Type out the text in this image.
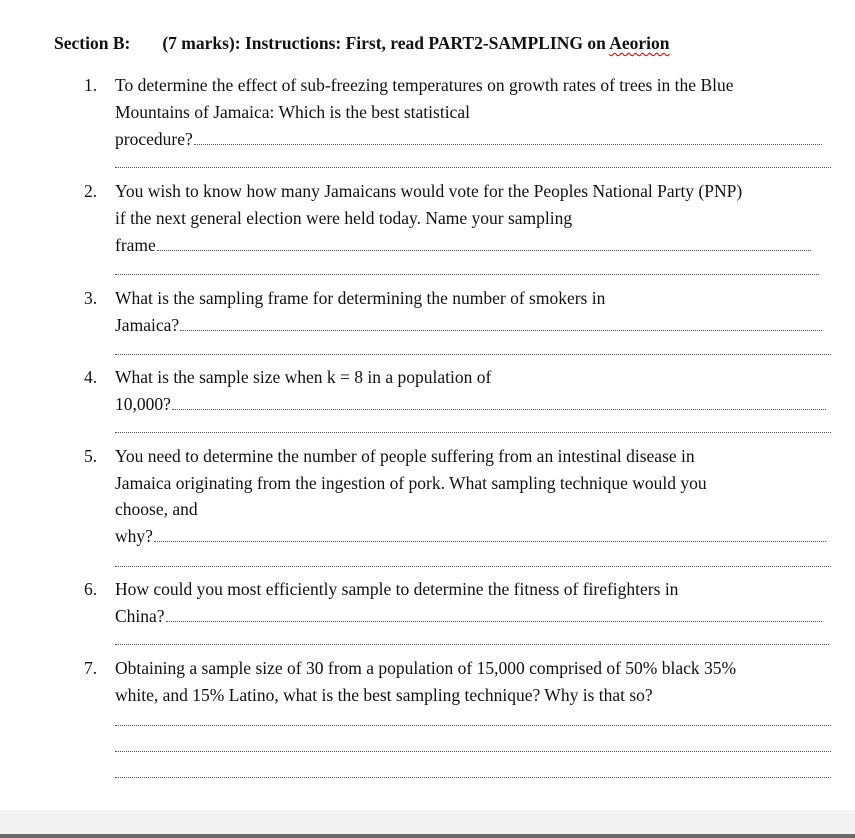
Section B: (7 marks): Instructions: First, read PART2-SAMPLING on Aeorion
1. To determine the effect of sub-freezing temperatures on growth rates of trees in the Blue
Mountains of Jamaica: Which is the best statistical
procedure?
2. You wish to know how many Jamaicans would vote for the Peoples National Party (PNP)
if the next general election were held today. Name your sampling
frame
3. What is the sampling frame for determining the number of smokers in
Jamaica?
4. What is the sample size when k = 8 in a population of
10,000?
5. You need to determine the number of people suffering from an intestinal disease in
Jamaica originating from the ingestion of pork. What sampling technique would you
choose, and
why?
6. How could you most efficiently sample to determine the fitness of firefighters in
China?
7. Obtaining a sample size of 30 from a population of 15,000 comprised of 50% black 35%
white, and 15% Latino, what is the best sampling technique? Why is that so?
